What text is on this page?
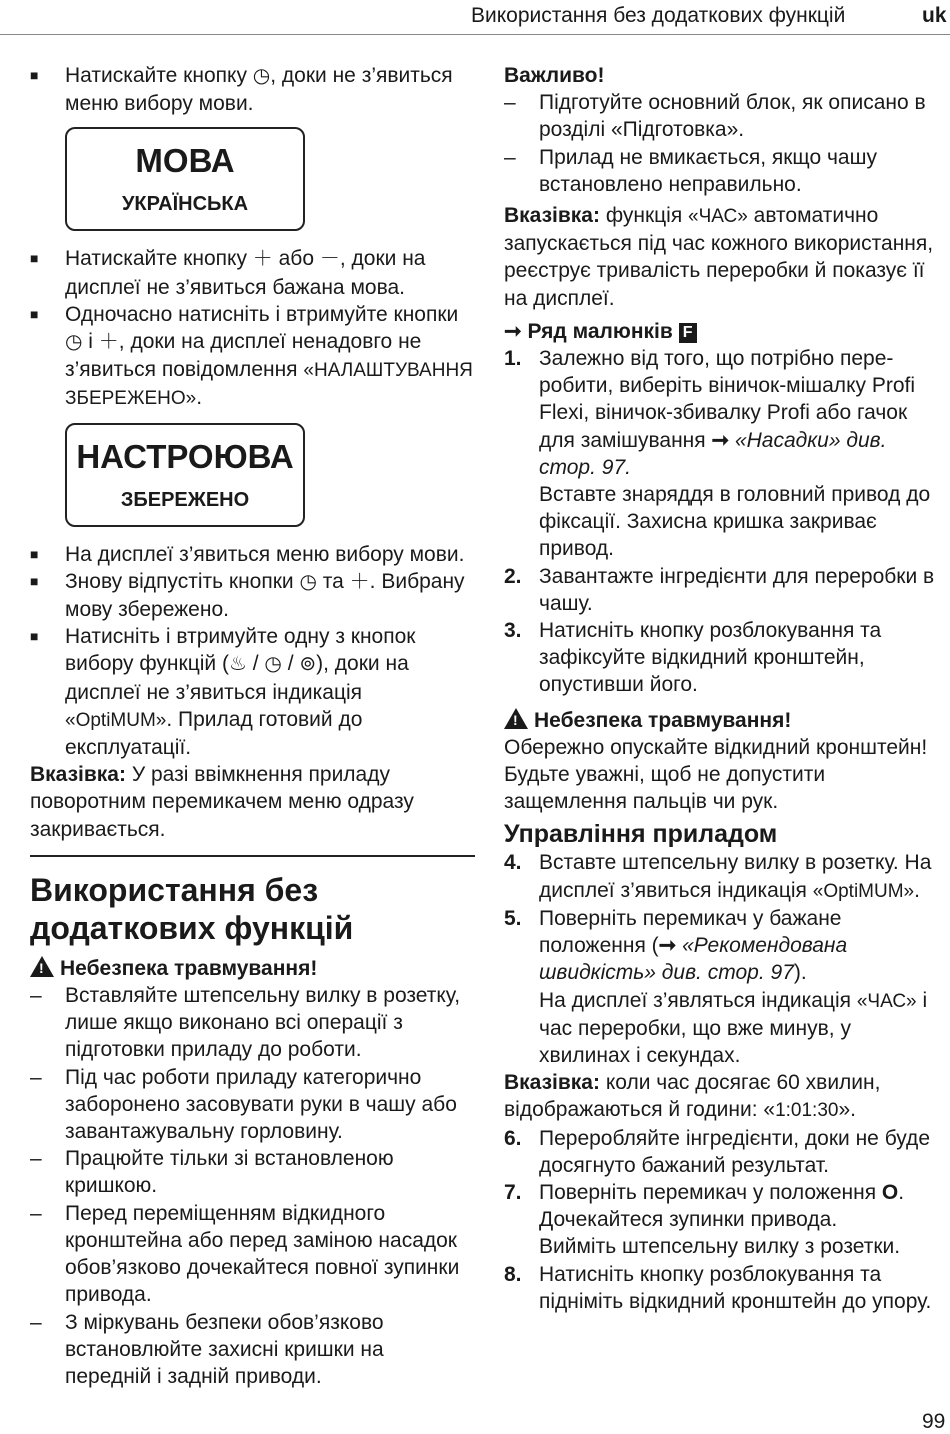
Використання без додаткових функцій	uk

■ Натискайте кнопку ◷, доки не з’явиться меню вибору мови.

МОВА
УКРАЇНСЬКА

■ Натискайте кнопку ＋ або －, доки на дисплеї не з’явиться бажана мова.

■ Одночасно натисніть і втримуйте кнопки ◷ і ＋, доки на дисплеї ненадовго не з’явиться повідомлення «НАЛАШТУВАННЯ ЗБЕРЕЖЕНО».

НАСТРОЮВА
ЗБЕРЕЖЕНО

■ На дисплеї з’явиться меню вибору мови.

■ Знову відпустіть кнопки ◷ та ＋. Вибрану мову збережено.

■ Натисніть і втримуйте одну з кнопок вибору функцій (♨ / ◷ / ⊚), доки на дисплеї не з’явиться індикація «OptiMUM». Прилад готовий до експлуатації.

Вказівка: У разі ввімкнення приладу поворотним перемикачем меню одразу закривається.

Використання без додаткових функцій

!Небезпека травмування!

– Вставляйте штепсельну вилку в розетку, лише якщо виконано всі операції з підготовки приладу до роботи.

– Під час роботи приладу категорично заборонено засовувати руки в чашу або завантажувальну горловину.

– Працюйте тільки зі встановленою кришкою.

– Перед переміщенням відкидного кронштейна або перед заміною насадок обов’язково дочекайтеся повної зупинки привода.

– З міркувань безпеки обов’язково встановлюйте захисні кришки на передній і задній приводи.

Важливо!

– Підготуйте основний блок, як описано в розділі «Підготовка».

– Прилад не вмикається, якщо чашу встановлено неправильно.

Вказівка: функція «ЧАС» автоматично запускається під час кожного використання, реєструє тривалість переробки й показує її на дисплеї.

➞ Ряд малюнків F

1. Залежно від того, що потрібно переробити, виберіть віничок-мішалку Profi Flexi, віничок-збивалку Profi або гачок для замішування ➞ «Насадки» див. стор. 97.
Вставте знаряддя в головний привод до фіксації. Захисна кришка закриває привод.
2. Завантажте інгредієнти для переробки в чашу.
3. Натисніть кнопку розблокування та зафіксуйте відкидний кронштейн, опустивши його.

!Небезпека травмування!

Обережно опускайте відкидний кронштейн! Будьте уважні, щоб не допустити защемлення пальців чи рук.

Управління приладом
4. Вставте штепсельну вилку в розетку. На дисплеї з’явиться індикація «OptiMUM».
5. Поверніть перемикач у бажане положення (➞ «Рекомендована швидкість» див. стор. 97).
На дисплеї з’являться індикація «ЧАС» і час переробки, що вже минув, у хвилинах і секундах.

Вказівка: коли час досягає 60 хвилин, відображаються й години: «1:01:30».

6. Переробляйте інгредієнти, доки не буде досягнуто бажаний результат.
7. Поверніть перемикач у положення O.
Дочекайтеся зупинки привода.
Вийміть штепсельну вилку з розетки.
8. Натисніть кнопку розблокування та підніміть відкидний кронштейн до упору.
99
